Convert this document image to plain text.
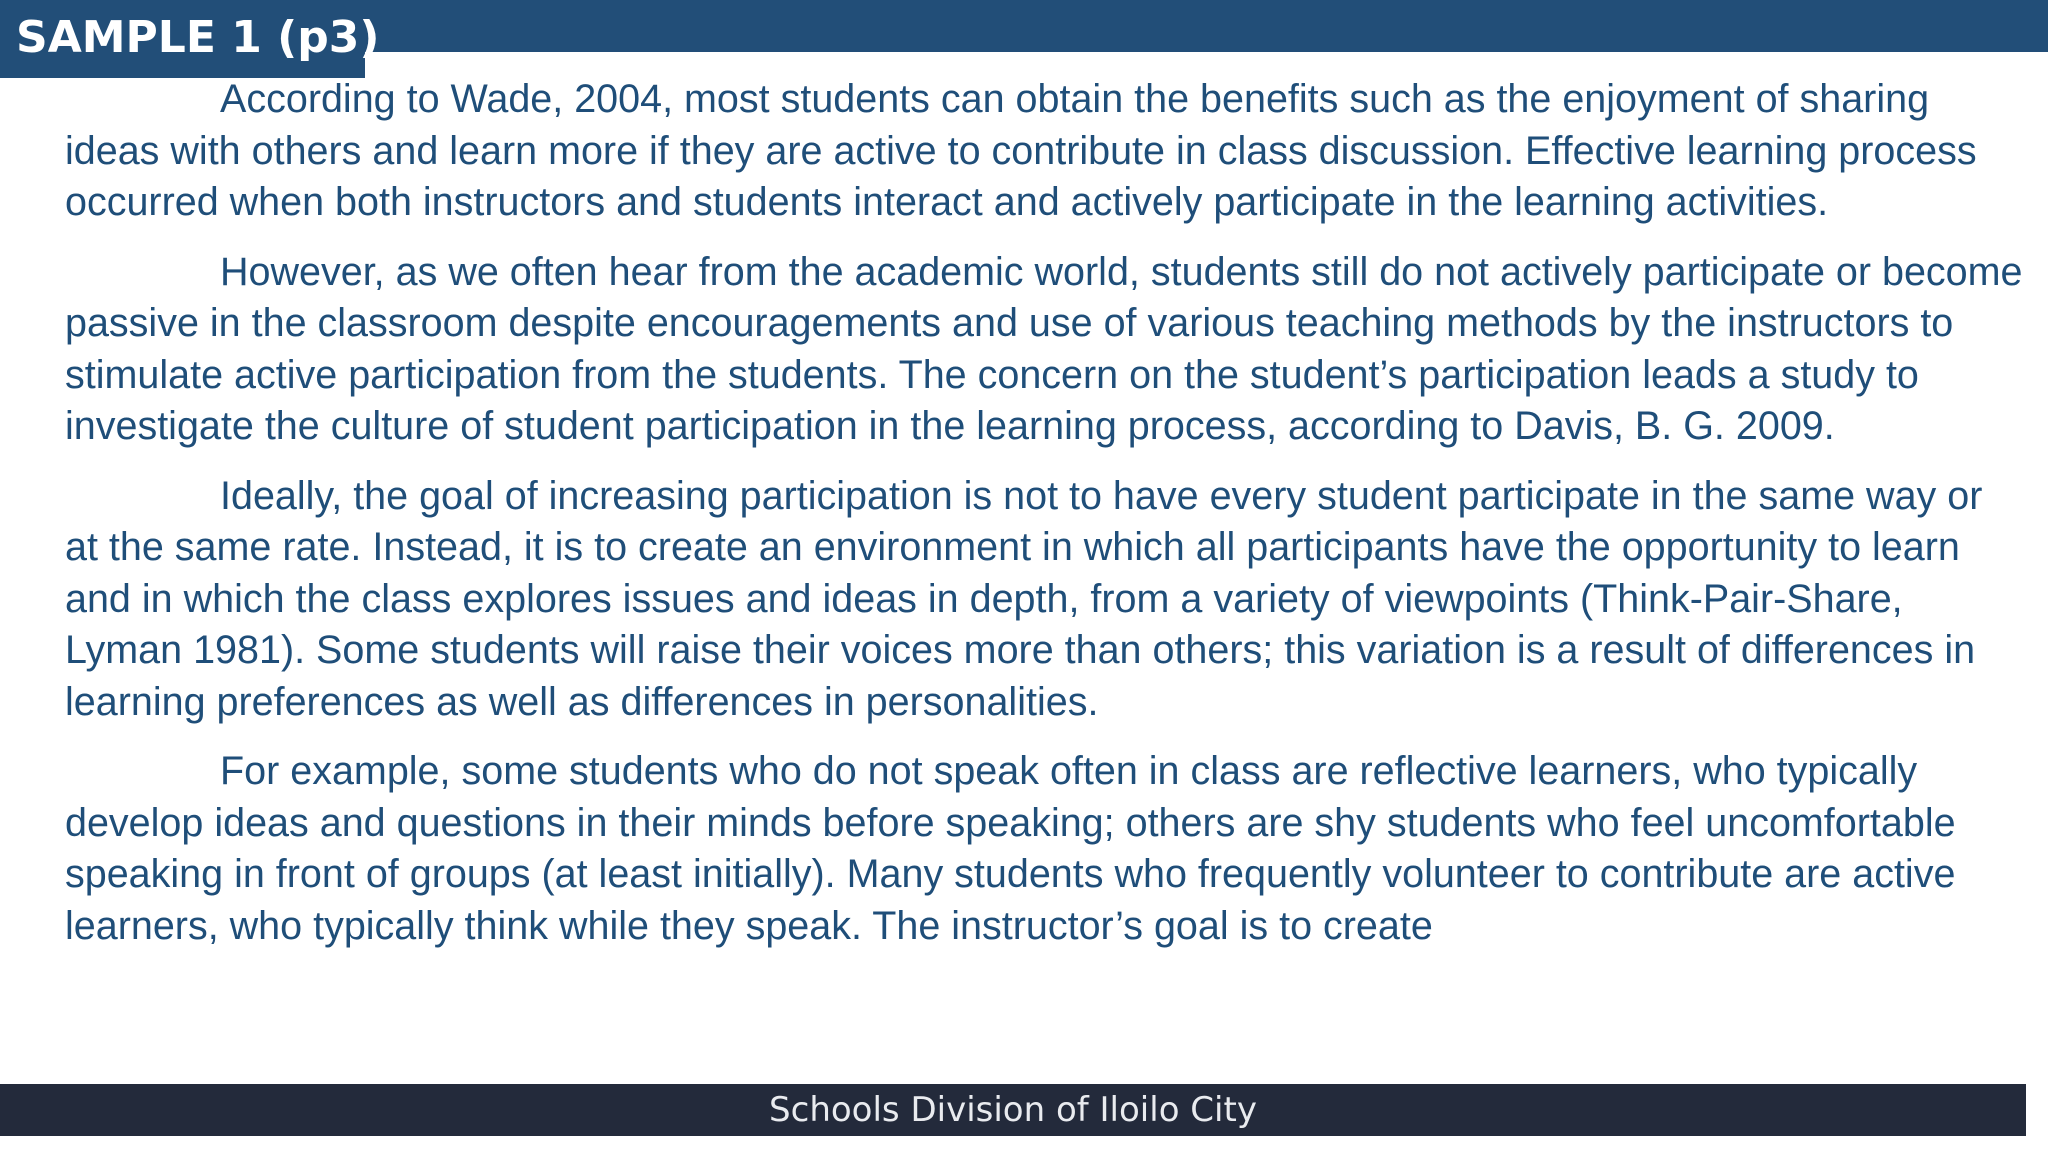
SAMPLE 1 (p3)

According to Wade, 2004, most students can obtain the benefits such as the enjoyment of sharing ideas with others and learn more if they are active to contribute in class discussion. Effective learning process occurred when both instructors and students interact and actively participate in the learning activities.

However, as we often hear from the academic world, students still do not actively participate or become passive in the classroom despite encouragements and use of various teaching methods by the instructors to stimulate active participation from the students. The concern on the student’s participation leads a study to investigate the culture of student participation in the learning process, according to Davis, B. G. 2009.

Ideally, the goal of increasing participation is not to have every student participate in the same way or at the same rate. Instead, it is to create an environment in which all participants have the opportunity to learn and in which the class explores issues and ideas in depth, from a variety of viewpoints (Think-Pair-Share, Lyman 1981). Some students will raise their voices more than others; this variation is a result of differences in learning preferences as well as differences in personalities.

For example, some students who do not speak often in class are reflective learners, who typically develop ideas and questions in their minds before speaking; others are shy students who feel uncomfortable speaking in front of groups (at least initially). Many students who frequently volunteer to contribute are active learners, who typically think while they speak. The instructor’s goal is to create

Schools Division of Iloilo City
